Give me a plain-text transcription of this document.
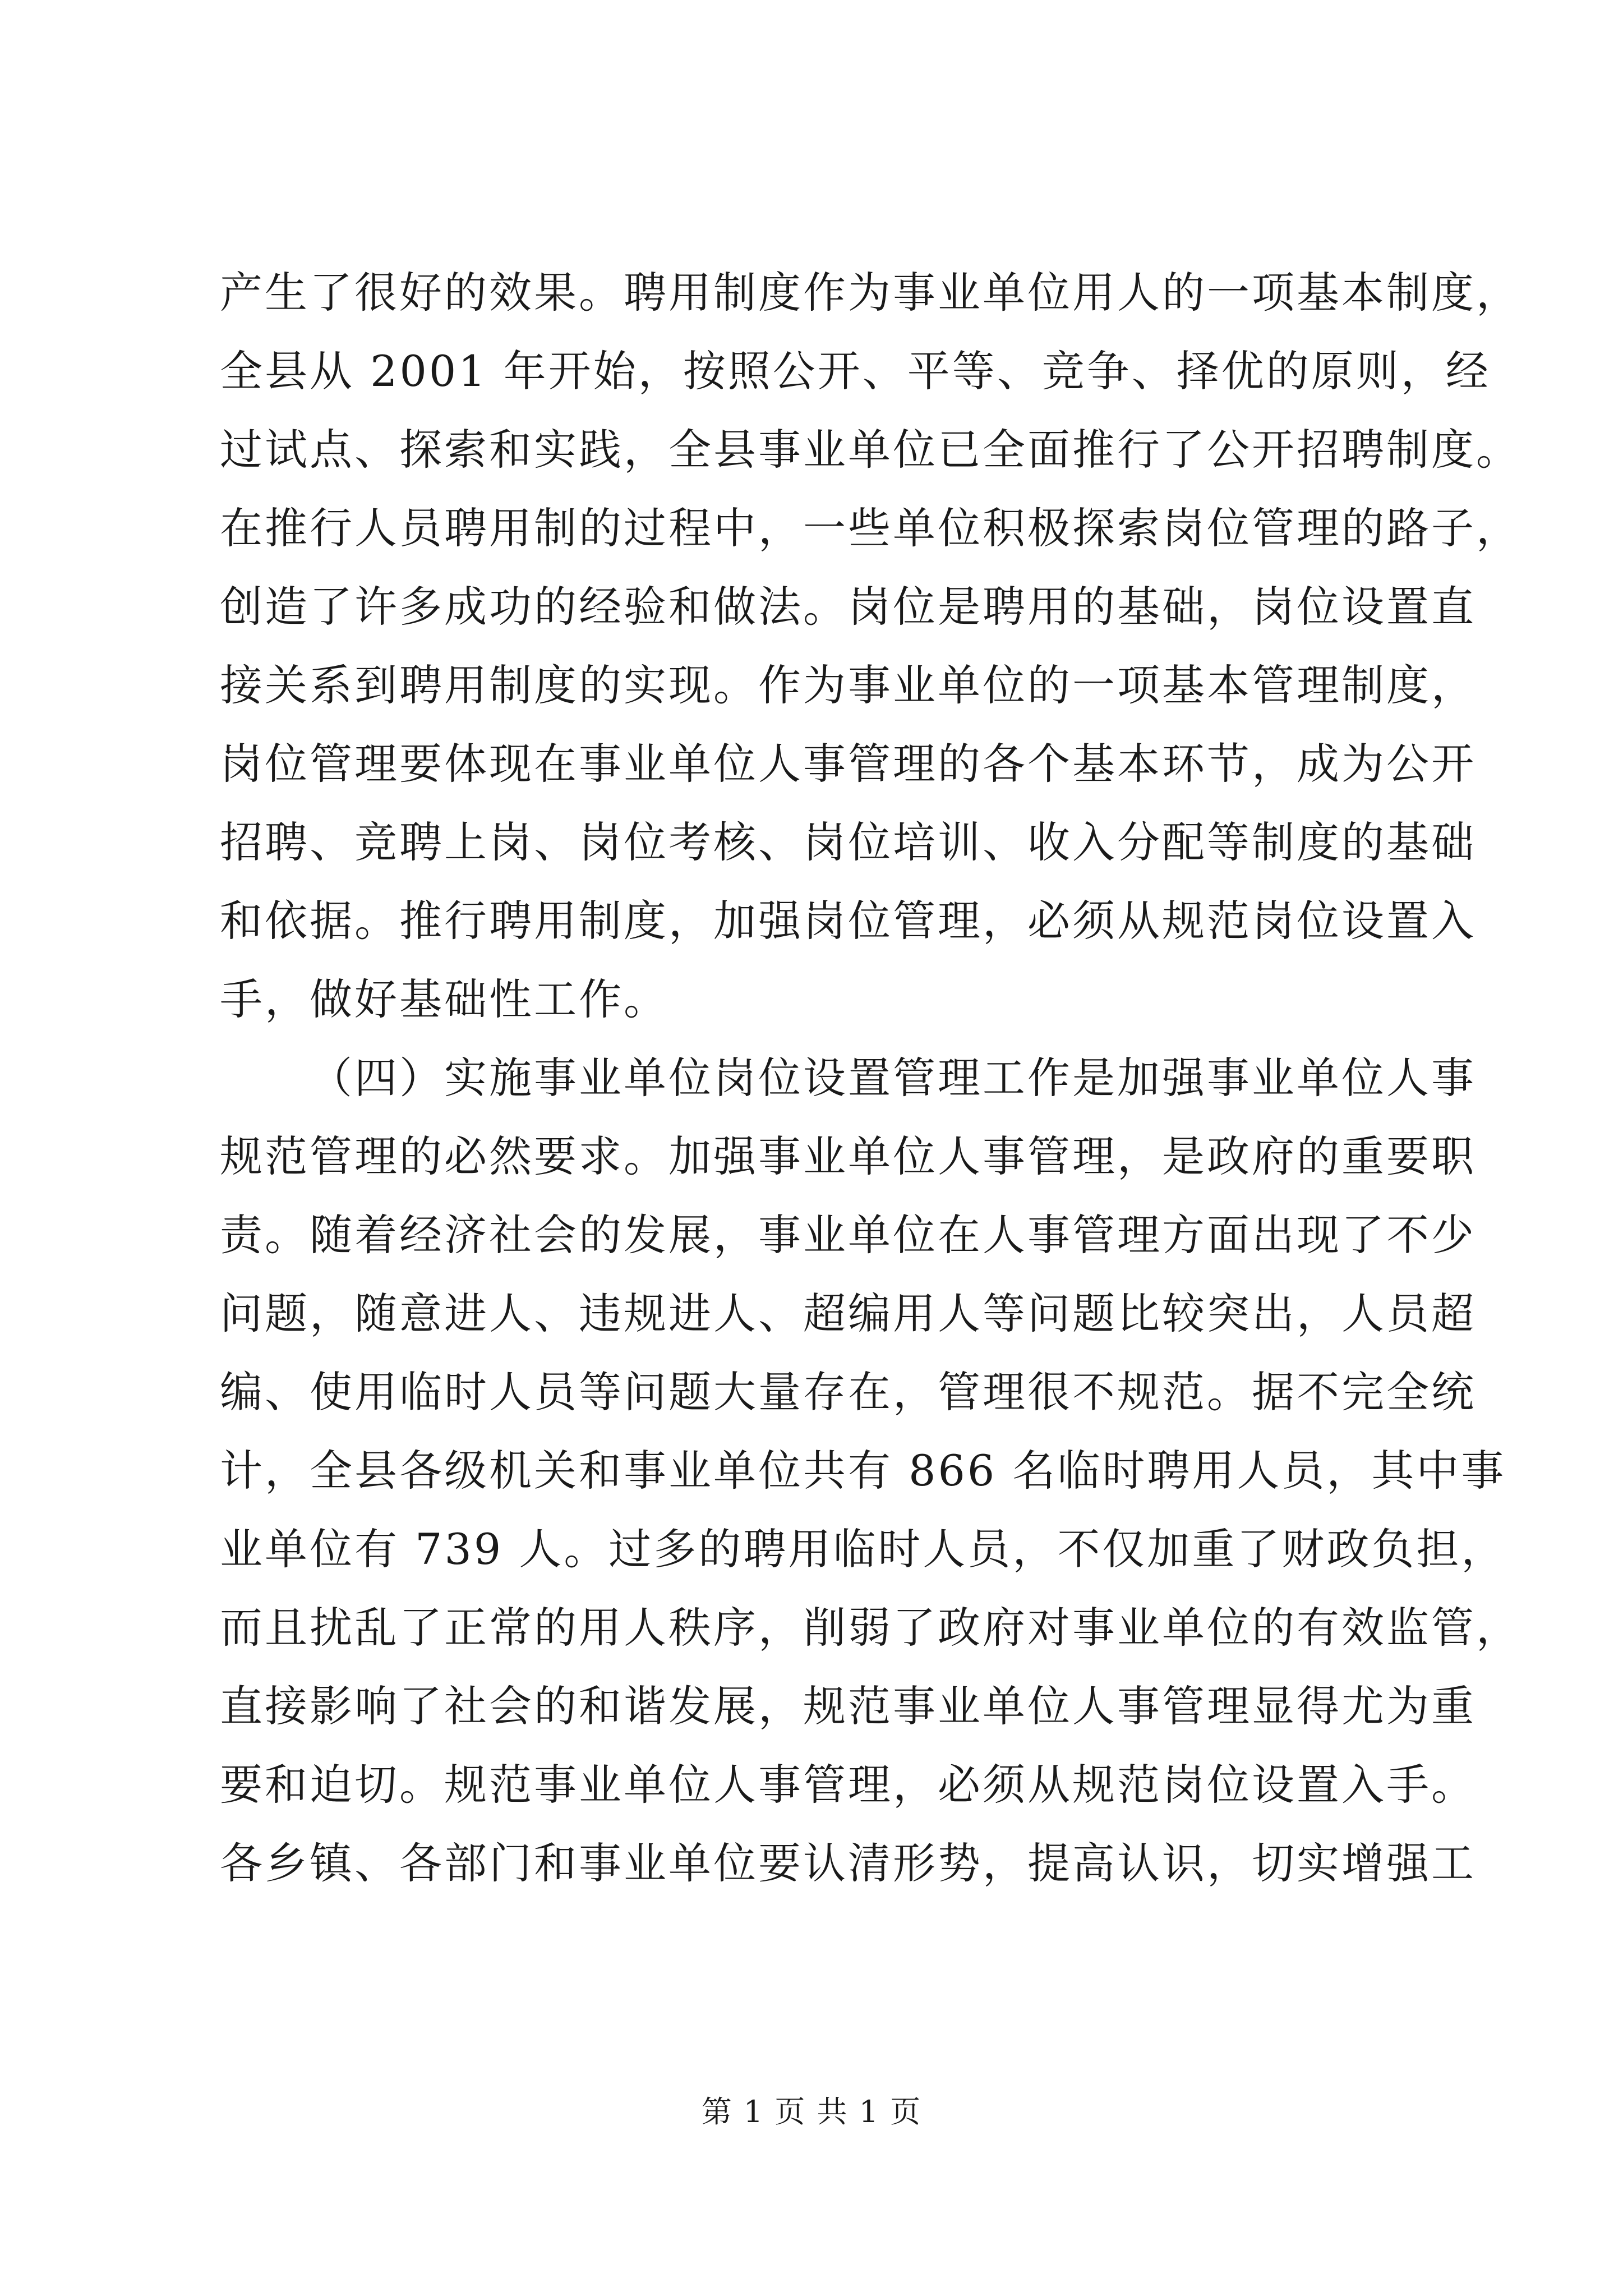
产生了很好的效果。聘用制度作为事业单位用人的一项基本制度，
全县从 2001 年开始，按照公开、平等、竞争、择优的原则，经
过试点、探索和实践，全县事业单位已全面推行了公开招聘制度。
在推行人员聘用制的过程中，一些单位积极探索岗位管理的路子，
创造了许多成功的经验和做法。岗位是聘用的基础，岗位设置直
接关系到聘用制度的实现。作为事业单位的一项基本管理制度，
岗位管理要体现在事业单位人事管理的各个基本环节，成为公开
招聘、竞聘上岗、岗位考核、岗位培训、收入分配等制度的基础
和依据。推行聘用制度，加强岗位管理，必须从规范岗位设置入
手，做好基础性工作。
（四）实施事业单位岗位设置管理工作是加强事业单位人事
规范管理的必然要求。加强事业单位人事管理，是政府的重要职
责。随着经济社会的发展，事业单位在人事管理方面出现了不少
问题，随意进人、违规进人、超编用人等问题比较突出，人员超
编、使用临时人员等问题大量存在，管理很不规范。据不完全统
计，全县各级机关和事业单位共有 866 名临时聘用人员，其中事
业单位有 739 人。过多的聘用临时人员，不仅加重了财政负担，
而且扰乱了正常的用人秩序，削弱了政府对事业单位的有效监管，
直接影响了社会的和谐发展，规范事业单位人事管理显得尤为重
要和迫切。规范事业单位人事管理，必须从规范岗位设置入手。
各乡镇、各部门和事业单位要认清形势，提高认识，切实增强工
第 1 页 共 1 页
